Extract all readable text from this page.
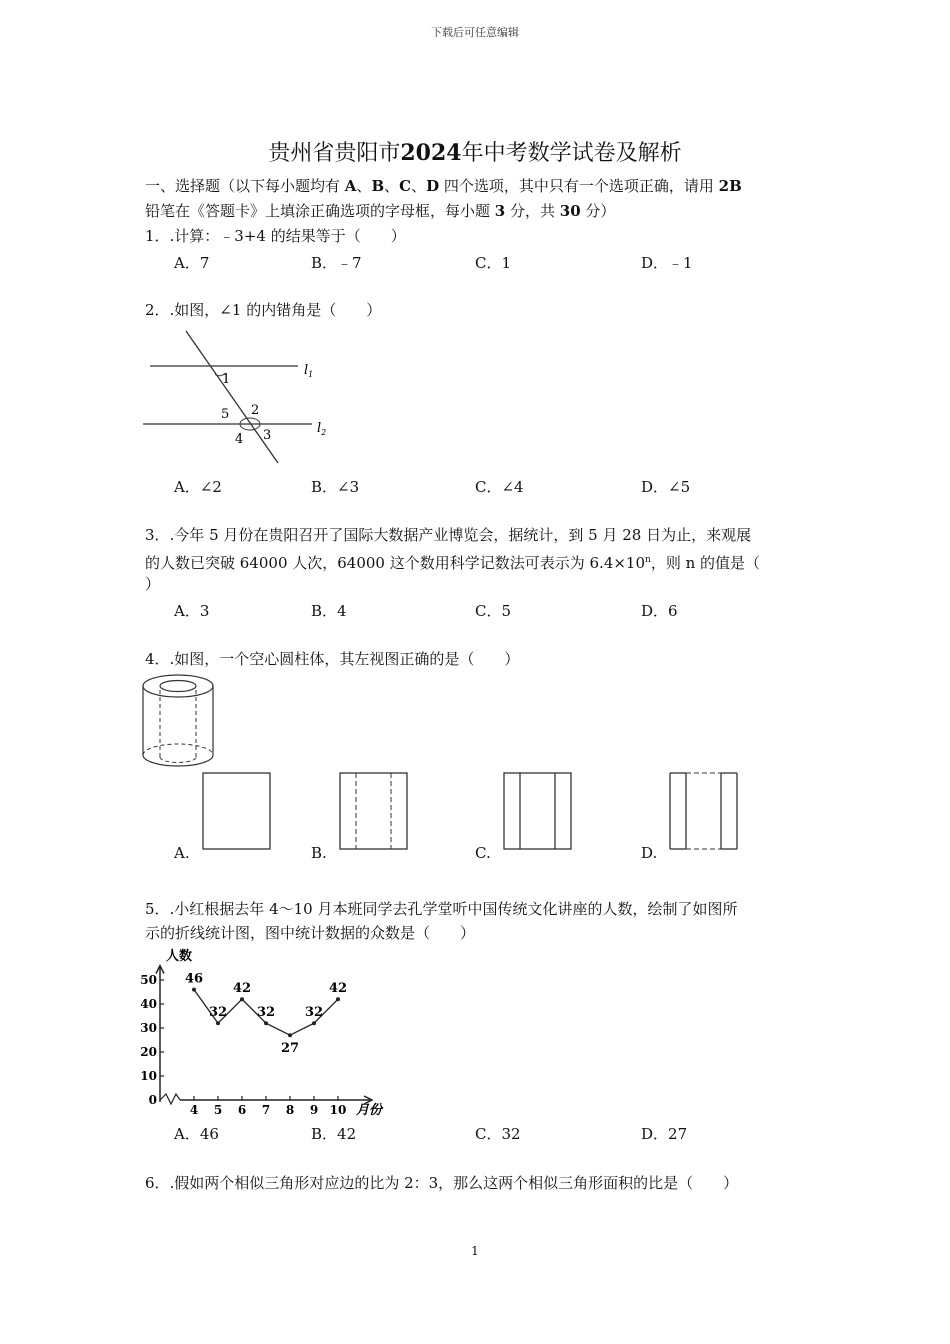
下载后可任意编辑
贵州省贵阳市2024年中考数学试卷及解析
一、选择题（以下每小题均有 A、B、C、D 四个选项，其中只有一个选项正确，请用 2B
铅笔在《答题卡》上填涂正确选项的字母框，每小题 3 分，共 30 分）
1．.计算：﹣3+4 的结果等于（　　）
A．7	B．﹣7	C．1	D．﹣1
2．.如图，∠1 的内错角是（　　）
1
2
3
4
5
$l_1$
$l_2$
A．∠2	B．∠3	C．∠4	D．∠5
3．.今年 5 月份在贵阳召开了国际大数据产业博览会，据统计，到 5 月 28 日为止，来观展
的人数已突破 64000 人次，64000 这个数用科学记数法可表示为 $6.4\times 10^n$，则 n 的值是（
）
A．3	B．4	C．5	D．6
4．.如图，一个空心圆柱体，其左视图正确的是（　　）
A.	B.	C.	D.
5．.小红根据去年 4～10 月本班同学去孔学堂听中国传统文化讲座的人数，绘制了如图所
示的折线统计图，图中统计数据的众数是（　　）
人数
月份
0
10
20
30
40
50
4 5 6 7 8 9 10
46
32
42
32
27
32
42
A．46	B．42	C．32	D．27
6．.假如两个相似三角形对应边的比为 2：3，那么这两个相似三角形面积的比是（　　）
1
